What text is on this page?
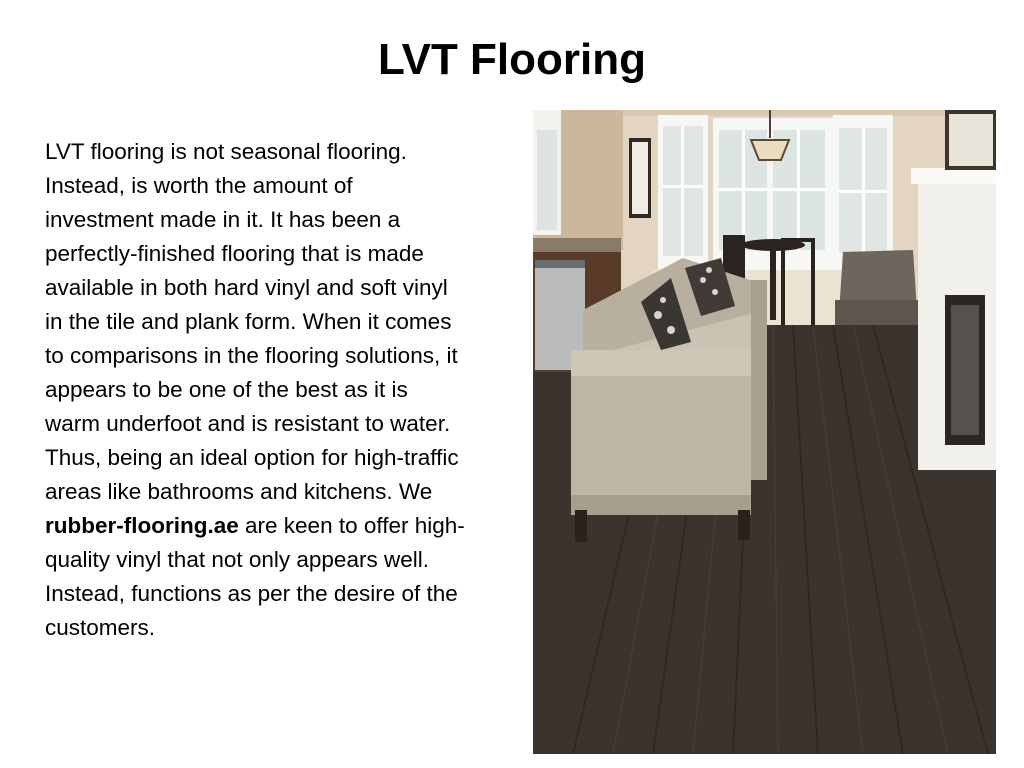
LVT Flooring
LVT flooring is not seasonal flooring. Instead, is worth the amount of investment made in it. It has been a perfectly-finished flooring that is made available in both hard vinyl and soft vinyl in the tile and plank form. When it comes to comparisons in the flooring solutions, it appears to be one of the best as it is warm underfoot and is resistant to water. Thus, being an ideal option for high-traffic areas like bathrooms and kitchens. We rubber-flooring.ae are keen to offer high-quality vinyl that not only appears well. Instead, functions as per the desire of the customers.
